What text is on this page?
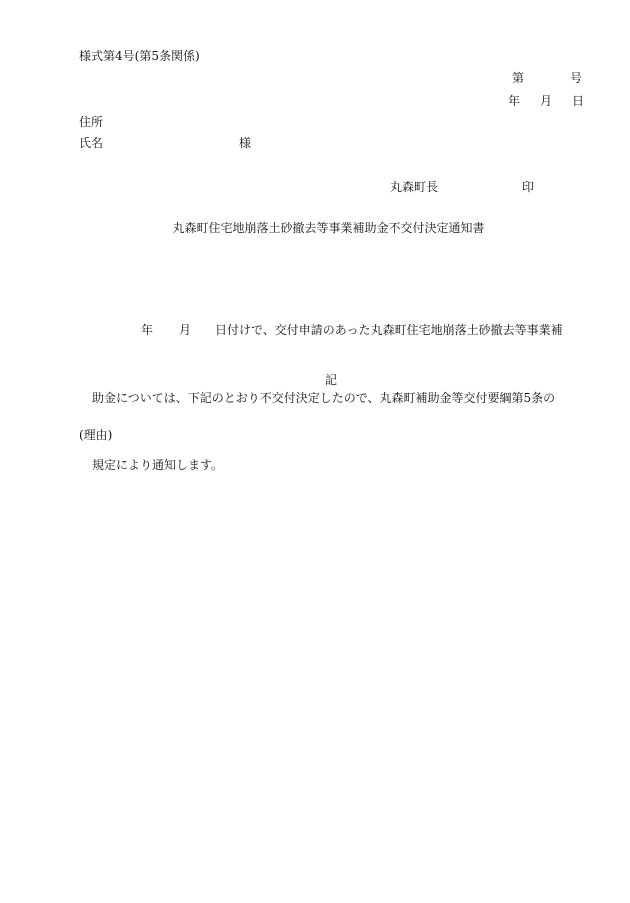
様式第4号(第5条関係)
第	号
年 月 日
住所
氏名	様
丸森町長	印
丸森町住宅地崩落土砂撤去等事業補助金不交付決定通知書

年 月 日付けで、交付申請のあった丸森町住宅地崩落土砂撤去等事業補

助金については、下記のとおり不交付決定したので、丸森町補助金等交付要綱第5条の

規定により通知します。

記
(理由)
